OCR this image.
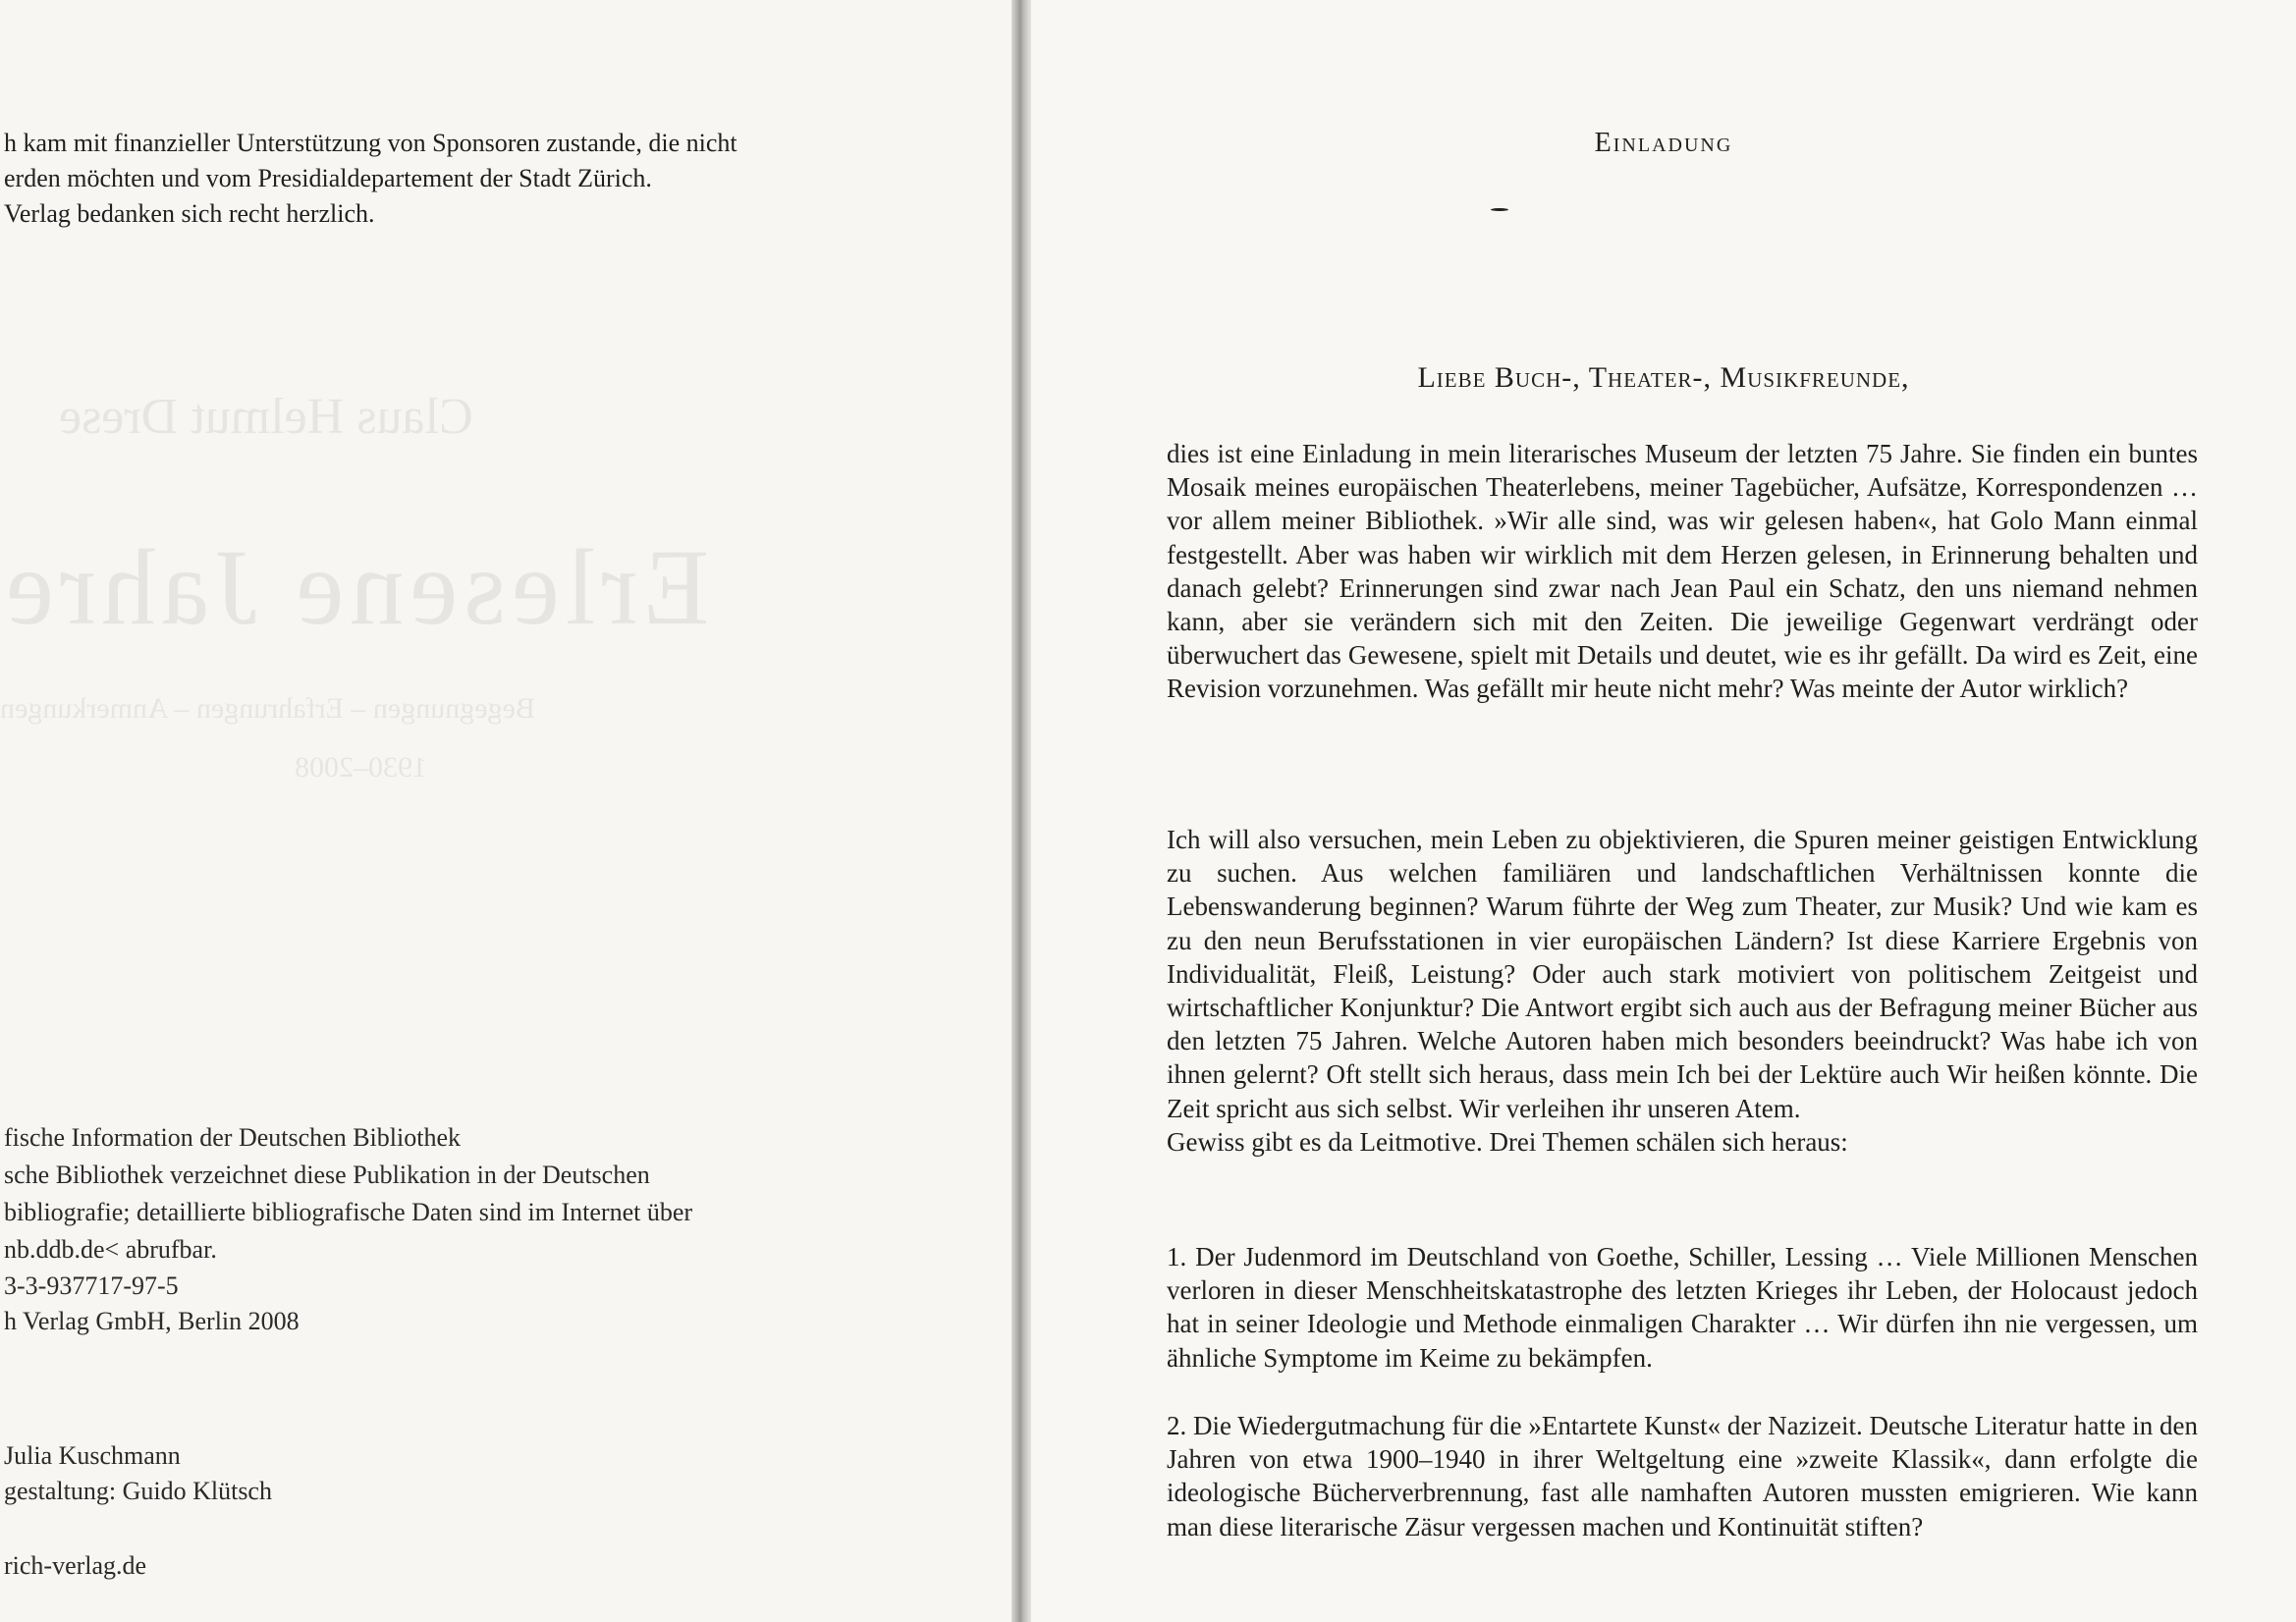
Claus Helmut Drese
Erlesene Jahre
Begegnungen – Erfahrungen – Anmerkungen
1930–2008

h kam mit finanzieller Unterstützung von Sponsoren zustande, die nicht

erden möchten und vom Presidialdepartement der Stadt Zürich.

Verlag bedanken sich recht herzlich.

fische Information der Deutschen Bibliothek

sche Bibliothek verzeichnet diese Publikation in der Deutschen

bibliografie; detaillierte bibliografische Daten sind im Internet über

nb.ddb.de< abrufbar.

3-3-937717-97-5

h Verlag GmbH, Berlin 2008

Julia Kuschmann

gestaltung: Guido Klütsch

rich-verlag.de

Einladung
Liebe Buch-, Theater-, Musikfreunde,

dies ist eine Einladung in mein literarisches Museum der letzten 75 Jahre. Sie finden ein buntes Mosaik meines europäischen Theaterlebens, meiner Tagebücher, Aufsätze, Korrespondenzen … vor allem meiner Bibliothek. »Wir alle sind, was wir gelesen haben«, hat Golo Mann einmal festgestellt. Aber was haben wir wirklich mit dem Herzen gelesen, in Erinnerung behalten und danach gelebt? Erinnerungen sind zwar nach Jean Paul ein Schatz, den uns niemand nehmen kann, aber sie verändern sich mit den Zeiten. Die jeweilige Gegenwart verdrängt oder überwuchert das Gewesene, spielt mit Details und deutet, wie es ihr gefällt. Da wird es Zeit, eine Revision vorzunehmen. Was gefällt mir heute nicht mehr? Was meinte der Autor wirklich?

Ich will also versuchen, mein Leben zu objektivieren, die Spuren meiner geistigen Entwicklung zu suchen. Aus welchen familiären und landschaftlichen Verhältnissen konnte die Lebenswanderung beginnen? Warum führte der Weg zum Theater, zur Musik? Und wie kam es zu den neun Berufsstationen in vier europäischen Ländern? Ist diese Karriere Ergebnis von Individualität, Fleiß, Leistung? Oder auch stark motiviert von politischem Zeitgeist und wirtschaftlicher Konjunktur? Die Antwort ergibt sich auch aus der Befragung meiner Bücher aus den letzten 75 Jahren. Welche Autoren haben mich besonders beeindruckt? Was habe ich von ihnen gelernt? Oft stellt sich heraus, dass mein Ich bei der Lektüre auch Wir heißen könnte. Die Zeit spricht aus sich selbst. Wir verleihen ihr unseren Atem.

Gewiss gibt es da Leitmotive. Drei Themen schälen sich heraus:

1. Der Judenmord im Deutschland von Goethe, Schiller, Lessing … Viele Millionen Menschen verloren in dieser Menschheitskatastrophe des letzten Krieges ihr Leben, der Holocaust jedoch hat in seiner Ideologie und Methode einmaligen Charakter … Wir dürfen ihn nie vergessen, um ähnliche Symptome im Keime zu bekämpfen.

2. Die Wiedergutmachung für die »Entartete Kunst« der Nazizeit. Deutsche Literatur hatte in den Jahren von etwa 1900–1940 in ihrer Weltgeltung eine »zweite Klassik«, dann erfolgte die ideologische Bücherverbrennung, fast alle namhaften Autoren mussten emigrieren. Wie kann man diese literarische Zäsur vergessen machen und Kontinuität stiften?
